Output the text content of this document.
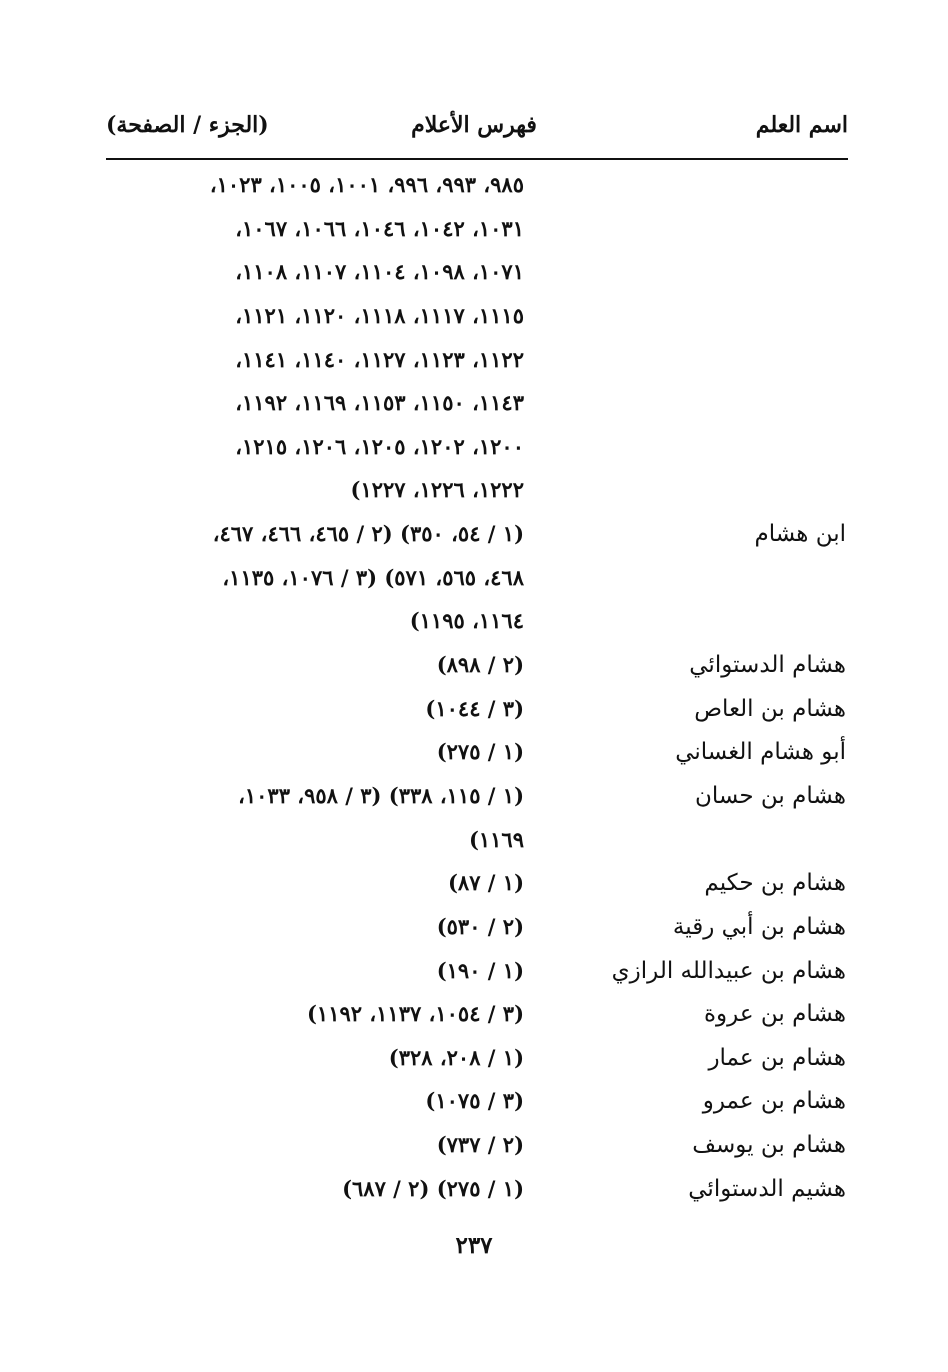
اسم العلم
فهرس الأعلام
(الجزء / الصفحة)
٩٨٥، ٩٩٣، ٩٩٦، ١٠٠١، ١٠٠٥، ١٠٢٣،
١٠٣١، ١٠٤٢، ١٠٤٦، ١٠٦٦، ١٠٦٧،
١٠٧١، ١٠٩٨، ١١٠٤، ١١٠٧، ١١٠٨،
١١١٥، ١١١٧، ١١١٨، ١١٢٠، ١١٢١،
١١٢٢، ١١٢٣، ١١٢٧، ١١٤٠، ١١٤١،
١١٤٣، ١١٥٠، ١١٥٣، ١١٦٩، ١١٩٢،
١٢٠٠، ١٢٠٢، ١٢٠٥، ١٢٠٦، ١٢١٥،
١٢٢٢، ١٢٢٦، ١٢٢٧)
ابن هشام
(١ / ٥٤، ٣٥٠) (٢ / ٤٦٥، ٤٦٦، ٤٦٧،
٤٦٨، ٥٦٥، ٥٧١) (٣ / ١٠٧٦، ١١٣٥،
١١٦٤، ١١٩٥)
هشام الدستوائي
(٢ / ٨٩٨)
هشام بن العاص
(٣ / ١٠٤٤)
أبو هشام الغساني
(١ / ٢٧٥)
هشام بن حسان
(١ / ١١٥، ٣٣٨) (٣ / ٩٥٨، ١٠٣٣،
١١٦٩)
هشام بن حكيم
(١ / ٨٧)
هشام بن أبي رقية
(٢ / ٥٣٠)
هشام بن عبيدالله الرازي
(١ / ١٩٠)
هشام بن عروة
(٣ / ١٠٥٤، ١١٣٧، ١١٩٢)
هشام بن عمار
(١ / ٢٠٨، ٣٢٨)
هشام بن عمرو
(٣ / ١٠٧٥)
هشام بن يوسف
(٢ / ٧٣٧)
هشيم الدستوائي
(١ / ٢٧٥) (٢ / ٦٨٧)
٢٣٧
